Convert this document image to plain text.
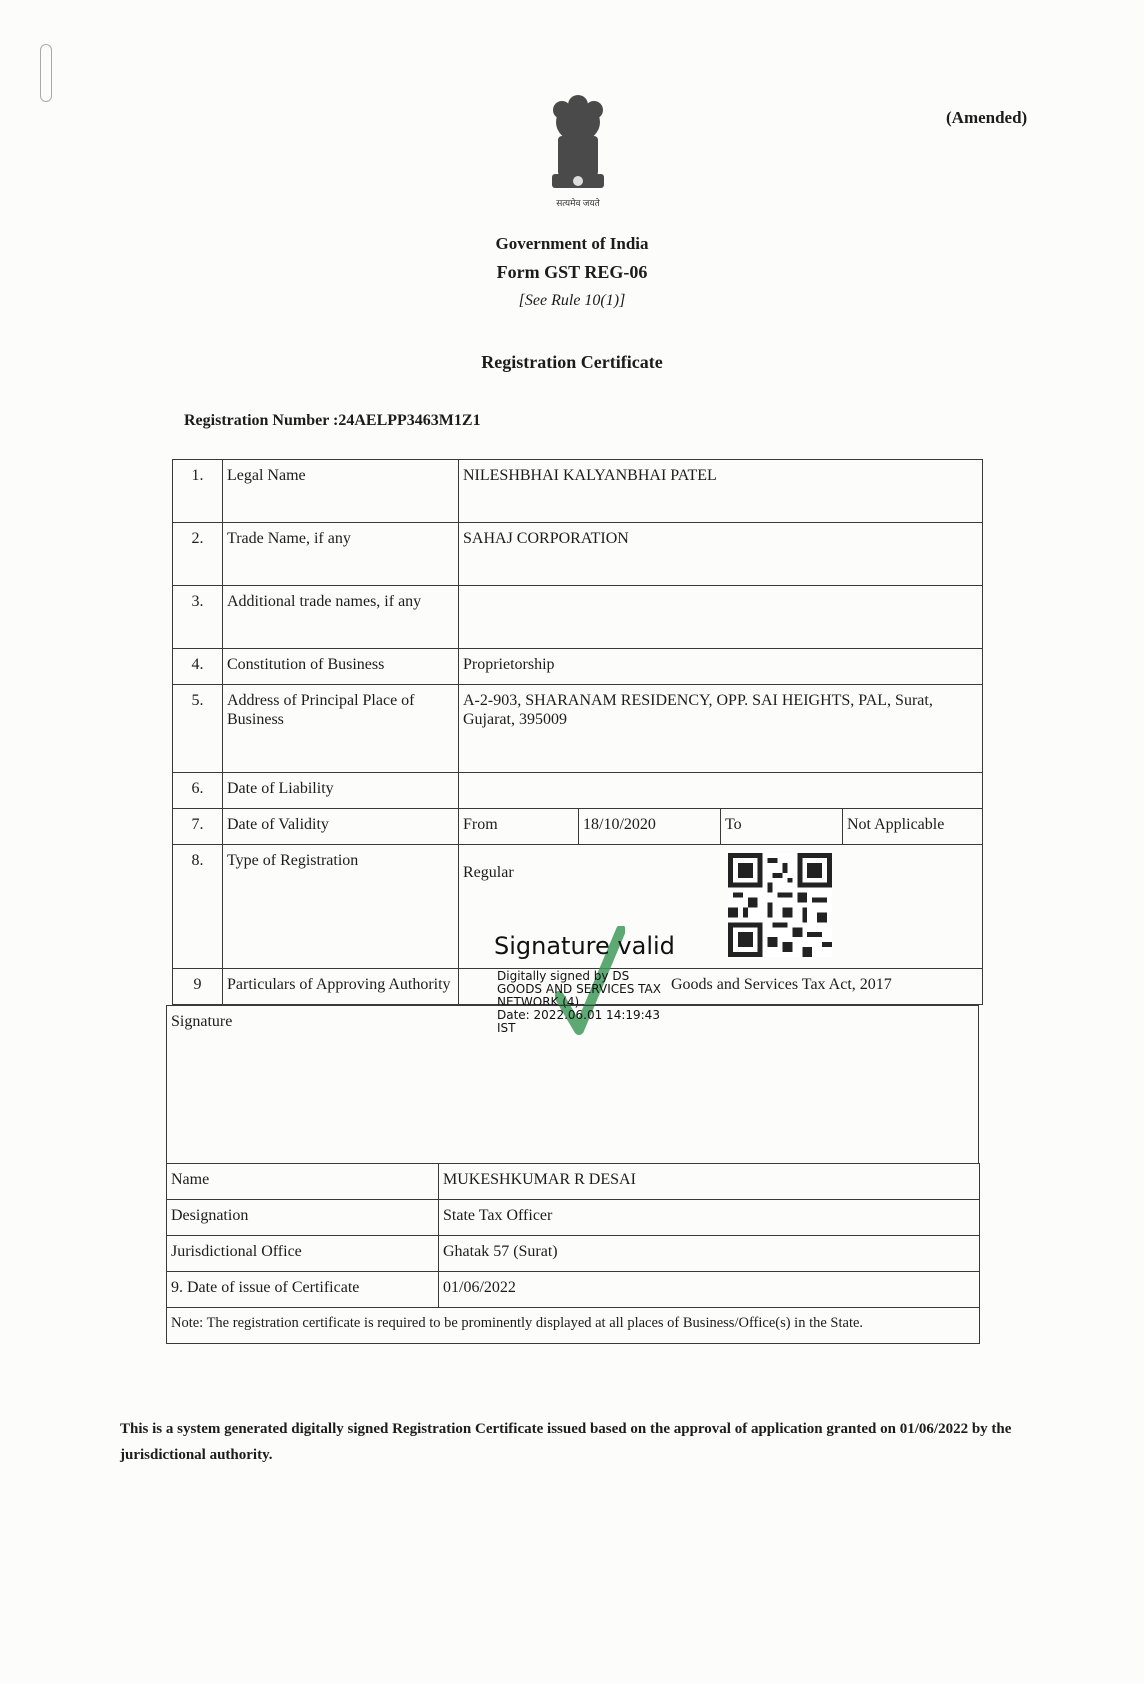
सत्यमेव जयते
(Amended)
Government of India
Form GST REG-06
[See Rule 10(1)]
Registration Certificate
Registration Number :24AELPP3463M1Z1
1.	Legal Name	NILESHBHAI KALYANBHAI PATEL			
2.	Trade Name, if any	SAHAJ CORPORATION			
3.	Additional trade names, if any				
4.	Constitution of Business	Proprietorship			
5.	Address of Principal Place of Business	A-2-903, SHARANAM RESIDENCY, OPP. SAI HEIGHTS, PAL, Surat, Gujarat, 395009			
6.	Date of Liability				
7.	Date of Validity	From	18/10/2020	To	Not Applicable
8.	Type of Registration	Regular			
9	Particulars of Approving Authority	Goods and Services Tax Act, 2017			
Signature valid
Digitally signed by DS GOODS AND SERVICES TAX NETWORK (4)
Date: 2022.06.01 14:19:43 IST
Signature
Name	MUKESHKUMAR R DESAI
Designation	State Tax Officer
Jurisdictional Office	Ghatak 57 (Surat)
9. Date of issue of Certificate	01/06/2022
Note: The registration certificate is required to be prominently displayed at all places of Business/Office(s) in the State.	
This is a system generated digitally signed Registration Certificate issued based on the approval of application granted on 01/06/2022 by the jurisdictional authority.
